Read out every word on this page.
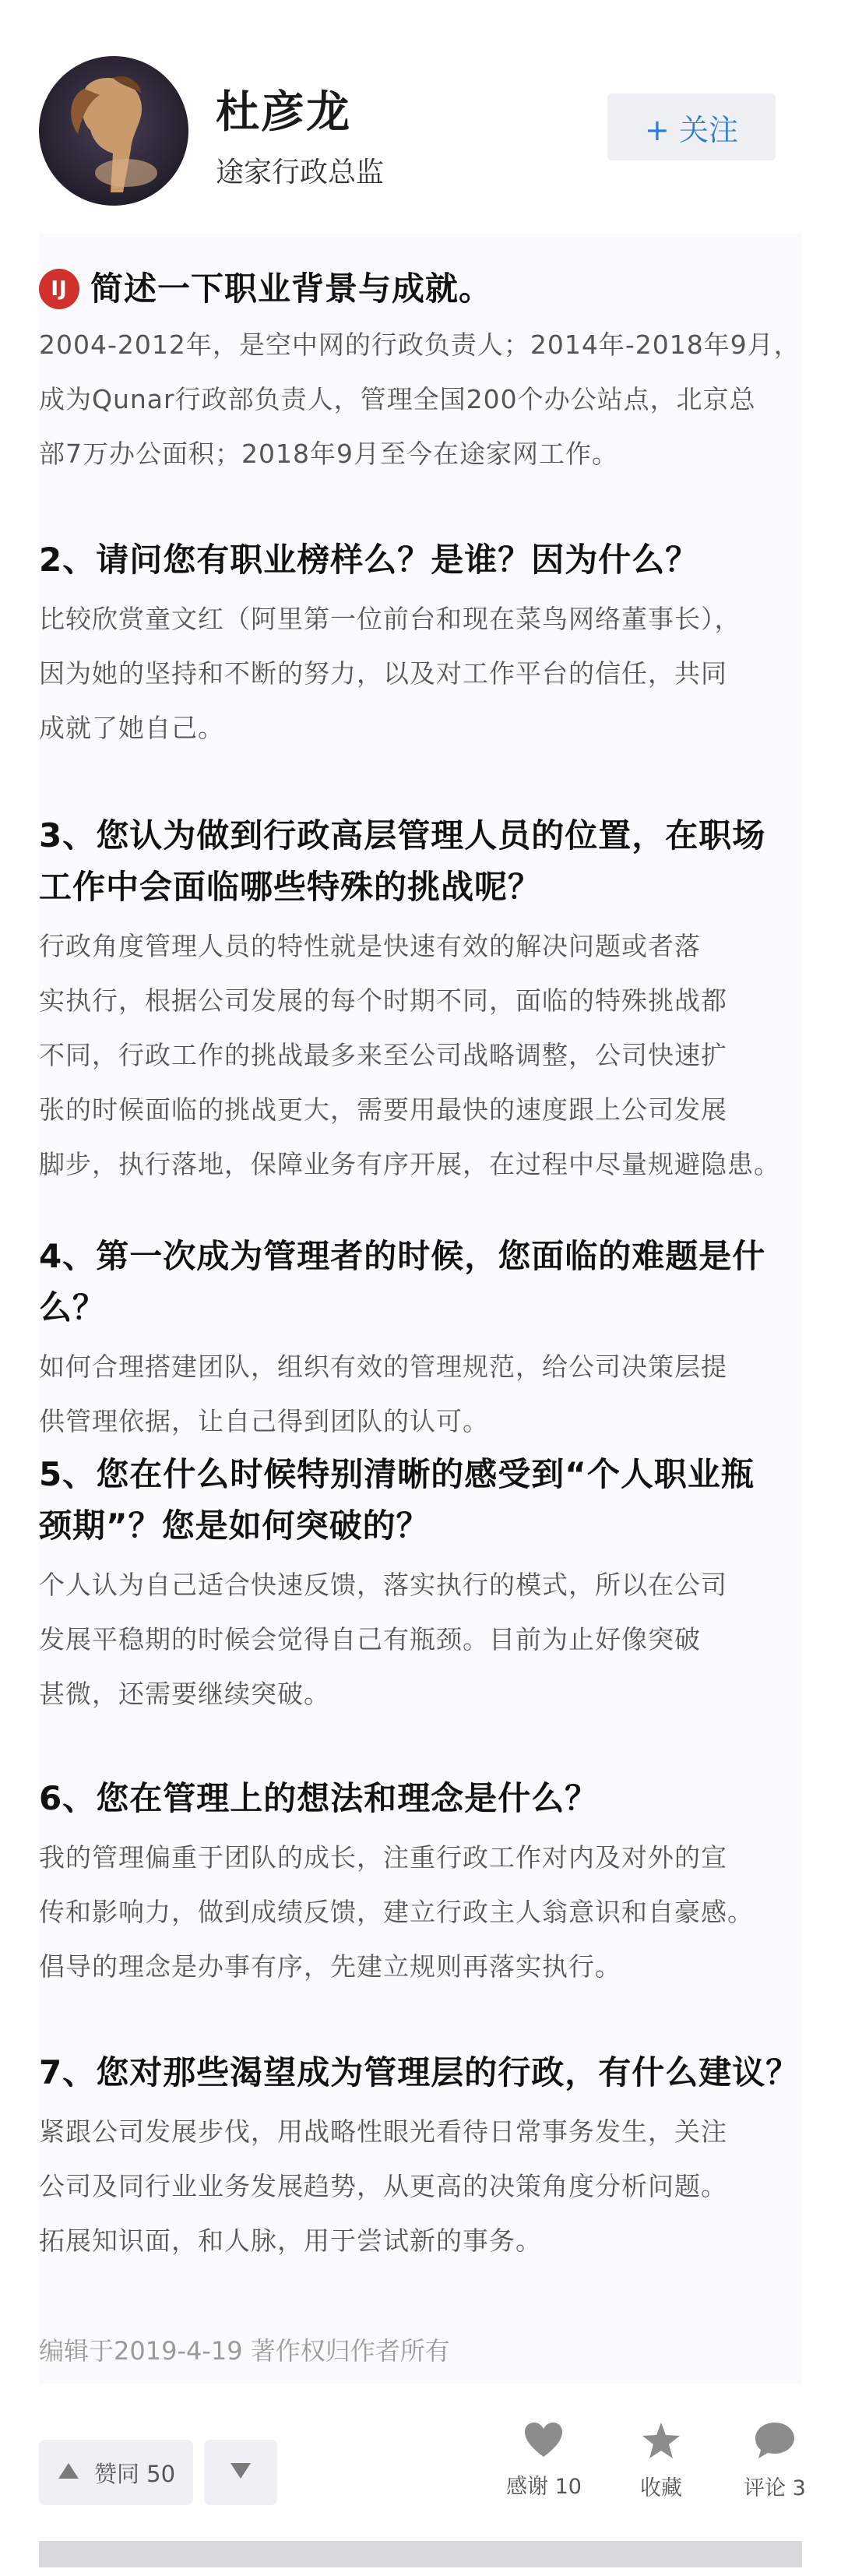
杜彦龙
途家行政总监
+ 关注
IJ 简述一下职业背景与成就。
2004-2012年，是空中网的行政负责人；2014年-2018年9月，
成为Qunar行政部负责人，管理全国200个办公站点，北京总
部7万办公面积；2018年9月至今在途家网工作。
2、请问您有职业榜样么？是谁？因为什么？
比较欣赏童文红（阿里第一位前台和现在菜鸟网络董事长），
因为她的坚持和不断的努力，以及对工作平台的信任，共同
成就了她自己。
3、您认为做到行政高层管理人员的位置，在职场
工作中会面临哪些特殊的挑战呢？
行政角度管理人员的特性就是快速有效的解决问题或者落
实执行，根据公司发展的每个时期不同，面临的特殊挑战都
不同，行政工作的挑战最多来至公司战略调整，公司快速扩
张的时候面临的挑战更大，需要用最快的速度跟上公司发展
脚步，执行落地，保障业务有序开展，在过程中尽量规避隐患。
4、第一次成为管理者的时候，您面临的难题是什么？
如何合理搭建团队，组织有效的管理规范，给公司决策层提
供管理依据，让自己得到团队的认可。
5、您在什么时候特别清晰的感受到“个人职业瓶
颈期”？您是如何突破的？
个人认为自己适合快速反馈，落实执行的模式，所以在公司
发展平稳期的时候会觉得自己有瓶颈。目前为止好像突破
甚微，还需要继续突破。
6、您在管理上的想法和理念是什么？
我的管理偏重于团队的成长，注重行政工作对内及对外的宣
传和影响力，做到成绩反馈，建立行政主人翁意识和自豪感。
倡导的理念是办事有序，先建立规则再落实执行。
7、您对那些渴望成为管理层的行政，有什么建议？
紧跟公司发展步伐，用战略性眼光看待日常事务发生，关注
公司及同行业业务发展趋势，从更高的决策角度分析问题。
拓展知识面，和人脉，用于尝试新的事务。
编辑于2019-4-19 著作权归作者所有
赞同 50	感谢 10	收藏	评论 3
